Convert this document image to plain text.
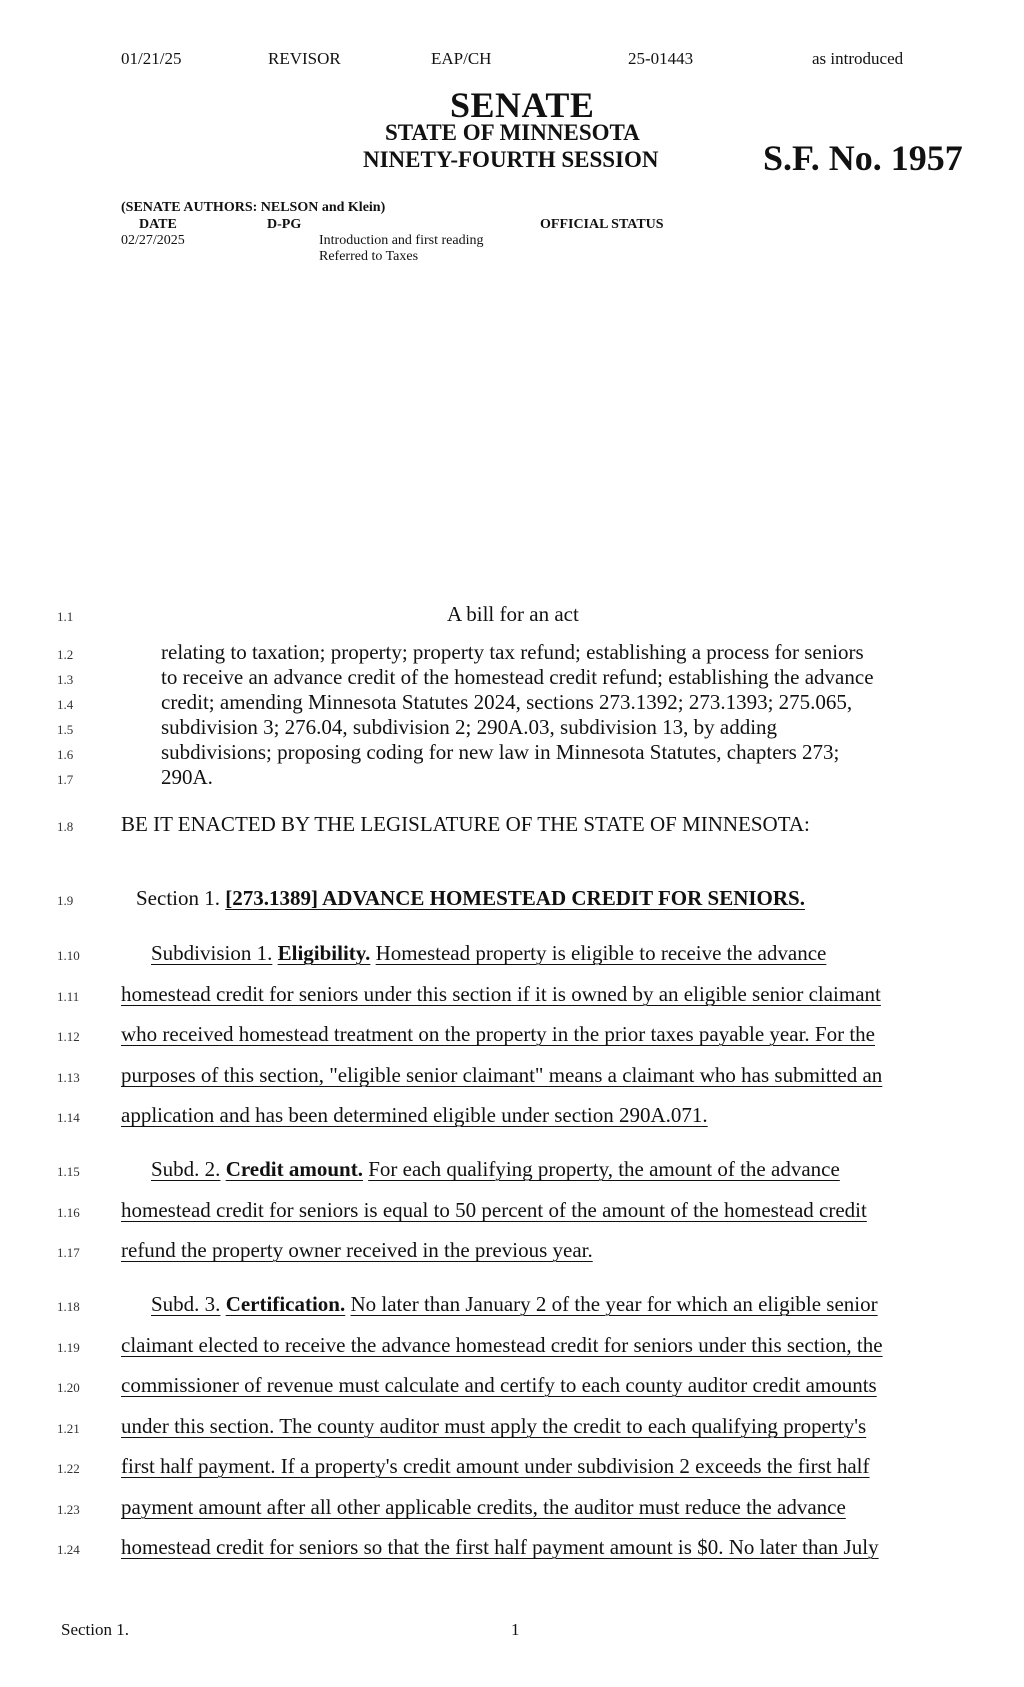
01/21/25	REVISOR	EAP/CH	25-01443	as introduced
SENATE
STATE OF MINNESOTA
NINETY-FOURTH SESSION	S.F. No. 1957
(SENATE AUTHORS: NELSON and Klein)
DATE	D-PG	OFFICIAL STATUS
02/27/2025	Introduction and first reading
Referred to Taxes
1.1
1.2
1.3
1.4
1.5
1.6
1.7
1.8
1.9
1.10
1.11
1.12
1.13
1.14
1.15
1.16
1.17
1.18
1.19
1.20
1.21
1.22
1.23
1.24
A bill for an act
relating to taxation; property; property tax refund; establishing a process for seniors
to receive an advance credit of the homestead credit refund; establishing the advance
credit; amending Minnesota Statutes 2024, sections 273.1392; 273.1393; 275.065,
subdivision 3; 276.04, subdivision 2; 290A.03, subdivision 13, by adding
subdivisions; proposing coding for new law in Minnesota Statutes, chapters 273;
290A.
BE IT ENACTED BY THE LEGISLATURE OF THE STATE OF MINNESOTA:
Section 1. [273.1389] ADVANCE HOMESTEAD CREDIT FOR SENIORS.
Subdivision 1. Eligibility. Homestead property is eligible to receive the advance
homestead credit for seniors under this section if it is owned by an eligible senior claimant
who received homestead treatment on the property in the prior taxes payable year. For the
purposes of this section, "eligible senior claimant" means a claimant who has submitted an
application and has been determined eligible under section 290A.071.
Subd. 2. Credit amount. For each qualifying property, the amount of the advance
homestead credit for seniors is equal to 50 percent of the amount of the homestead credit
refund the property owner received in the previous year.
Subd. 3. Certification. No later than January 2 of the year for which an eligible senior
claimant elected to receive the advance homestead credit for seniors under this section, the
commissioner of revenue must calculate and certify to each county auditor credit amounts
under this section. The county auditor must apply the credit to each qualifying property's
first half payment. If a property's credit amount under subdivision 2 exceeds the first half
payment amount after all other applicable credits, the auditor must reduce the advance
homestead credit for seniors so that the first half payment amount is $0. No later than July
Section 1.	1
